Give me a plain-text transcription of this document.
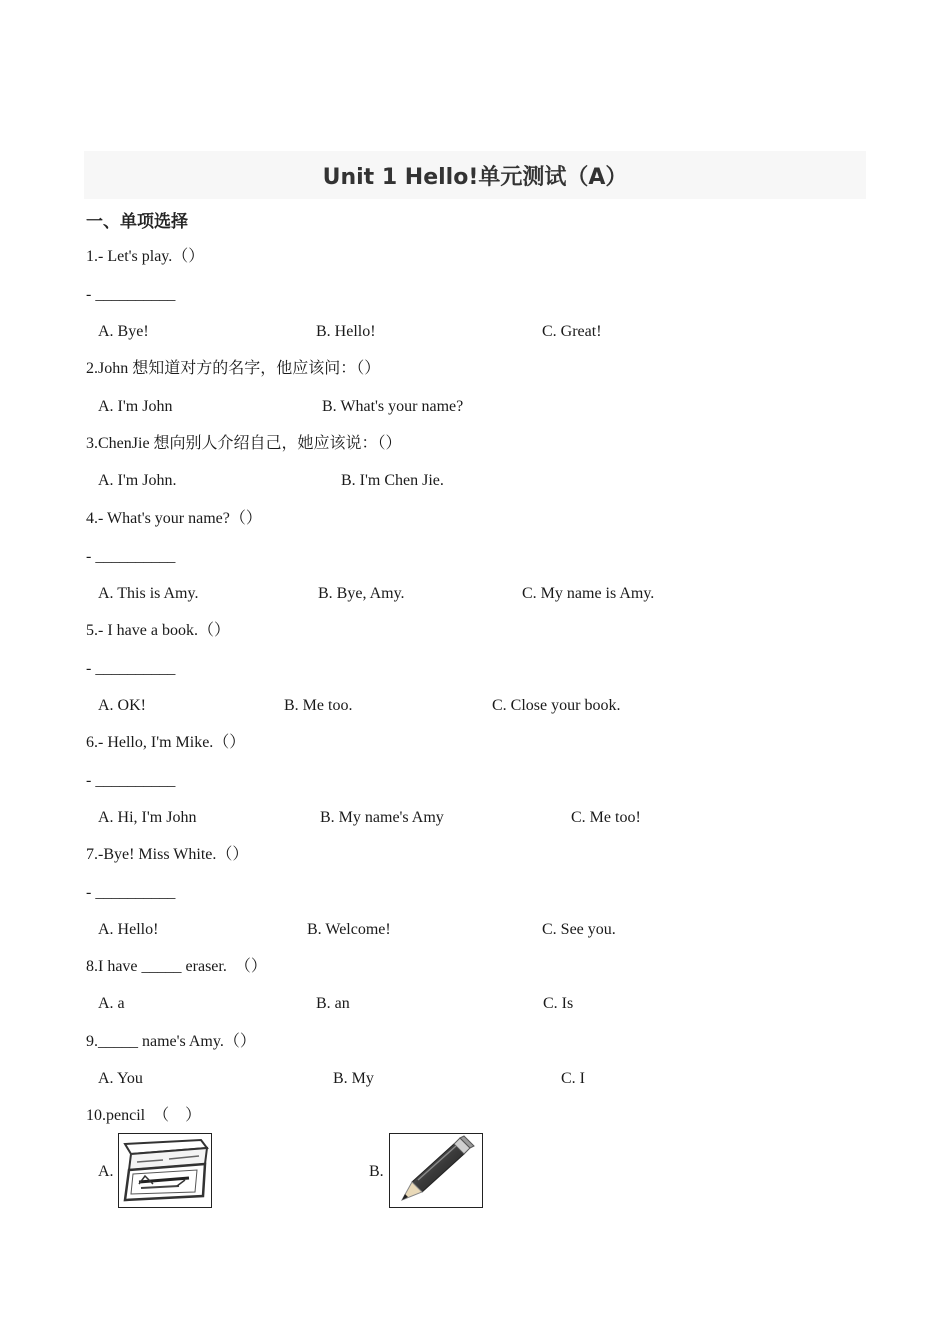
Unit 1 Hello!单元测试（A）
一、单项选择
1.- Let's play.（）
- __________
A. Bye!	B. Hello!	C. Great!
2.John 想知道对方的名字，他应该问：（）
A. I'm John	B. What's your name?
3.ChenJie 想向别人介绍自己，她应该说：（）
A. I'm John.	B. I'm Chen Jie.
4.- What's your name?（）
- __________
A. This is Amy.	B. Bye, Amy.	C. My name is Amy.
5.- I have a book.（）
- __________
A. OK!	B. Me too.	C. Close your book.
6.- Hello, I'm Mike.（）
- __________
A. Hi, I'm John	B. My name's Amy	C. Me too!
7.-Bye! Miss White.（）
- __________
A. Hello!	B. Welcome!	C. See you.
8.I have _____ eraser.　（）
A. a	B. an	C. Is
9._____ name's Amy.（）
A. You	B. My	C. I
10.pencil　（　）
A.	B.
